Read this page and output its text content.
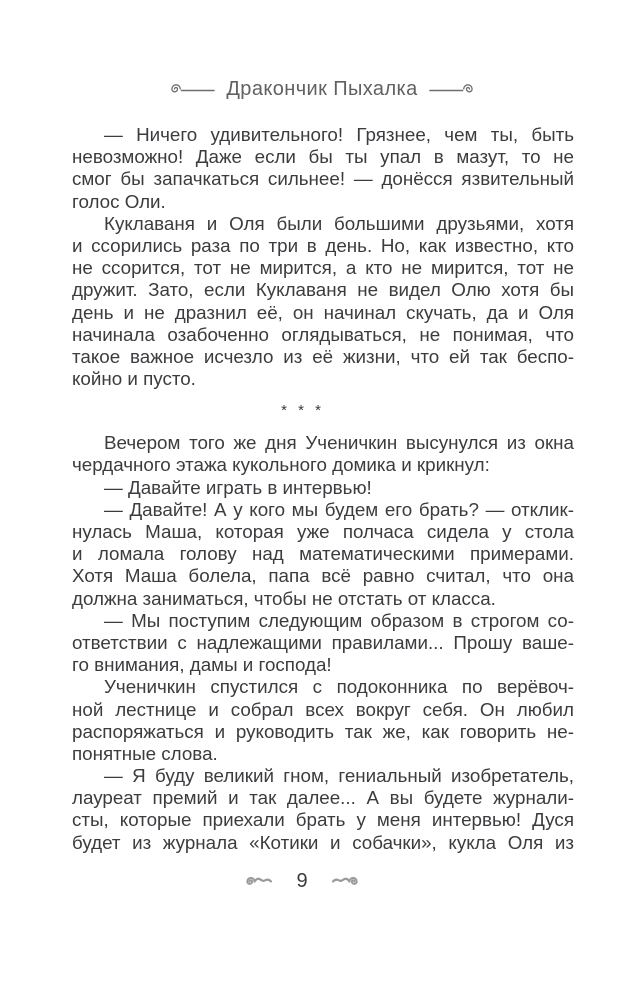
Дракончик Пыхалка
— Ничего удивительного! Грязнее, чем ты, быть
невозможно! Даже если бы ты упал в мазут, то не
смог бы запачкаться сильнее! — донёсся язвительный
голос Оли.
Куклаваня и Оля были большими друзьями, хотя
и ссорились раза по три в день. Но, как известно, кто
не ссорится, тот не мирится, а кто не мирится, тот не
дружит. Зато, если Куклаваня не видел Олю хотя бы
день и не дразнил её, он начинал скучать, да и Оля
начинала озабоченно оглядываться, не понимая, что
такое важное исчезло из её жизни, что ей так беспо-
койно и пусто.
* * *
Вечером того же дня Ученичкин высунулся из окна
чердачного этажа кукольного домика и крикнул:
— Давайте играть в интервью!
— Давайте! А у кого мы будем его брать? — отклик-
нулась Маша, которая уже полчаса сидела у стола
и ломала голову над математическими примерами.
Хотя Маша болела, папа всё равно считал, что она
должна заниматься, чтобы не отстать от класса.
— Мы поступим следующим образом в строгом со-
ответствии с надлежащими правилами... Прошу ваше-
го внимания, дамы и господа!
Ученичкин спустился с подоконника по верёвоч-
ной лестнице и собрал всех вокруг себя. Он любил
распоряжаться и руководить так же, как говорить не-
понятные слова.
— Я буду великий гном, гениальный изобретатель,
лауреат премий и так далее... А вы будете журнали-
сты, которые приехали брать у меня интервью! Дуся
будет из журнала «Котики и собачки», кукла Оля из
9
